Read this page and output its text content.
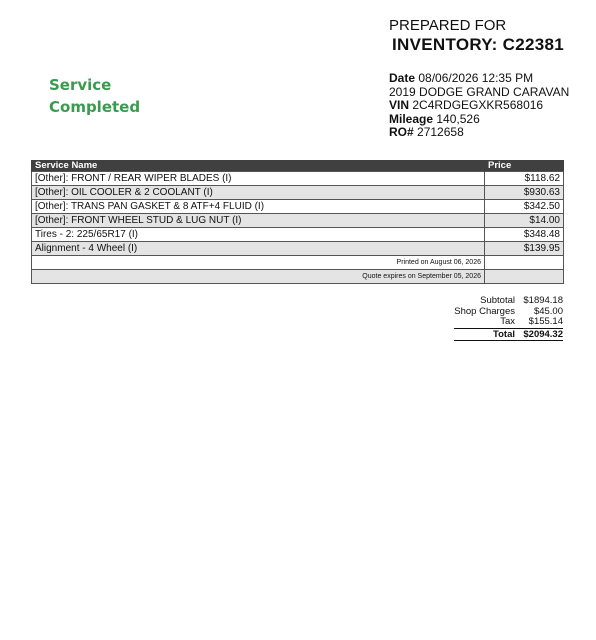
Service
Completed
PREPARED FOR
INVENTORY: C22381
Date 08/06/2026 12:35 PM
2019 DODGE GRAND CARAVAN
VIN 2C4RDGEGXKR568016
Mileage 140,526
RO# 2712658
Service Name	Price
[Other]: FRONT / REAR WIPER BLADES (I)	$118.62
[Other]: OIL COOLER & 2 COOLANT (I)	$930.63
[Other]: TRANS PAN GASKET & 8 ATF+4 FLUID (I)	$342.50
[Other]: FRONT WHEEL STUD & LUG NUT (I)	$14.00
Tires - 2: 225/65R17 (I)	$348.48
Alignment - 4 Wheel (I)	$139.95
Printed on August 06, 2026	
Quote expires on September 05, 2026	
Subtotal $1894.18
Shop Charges	$45.00
Tax	$155.14
Total $2094.32
